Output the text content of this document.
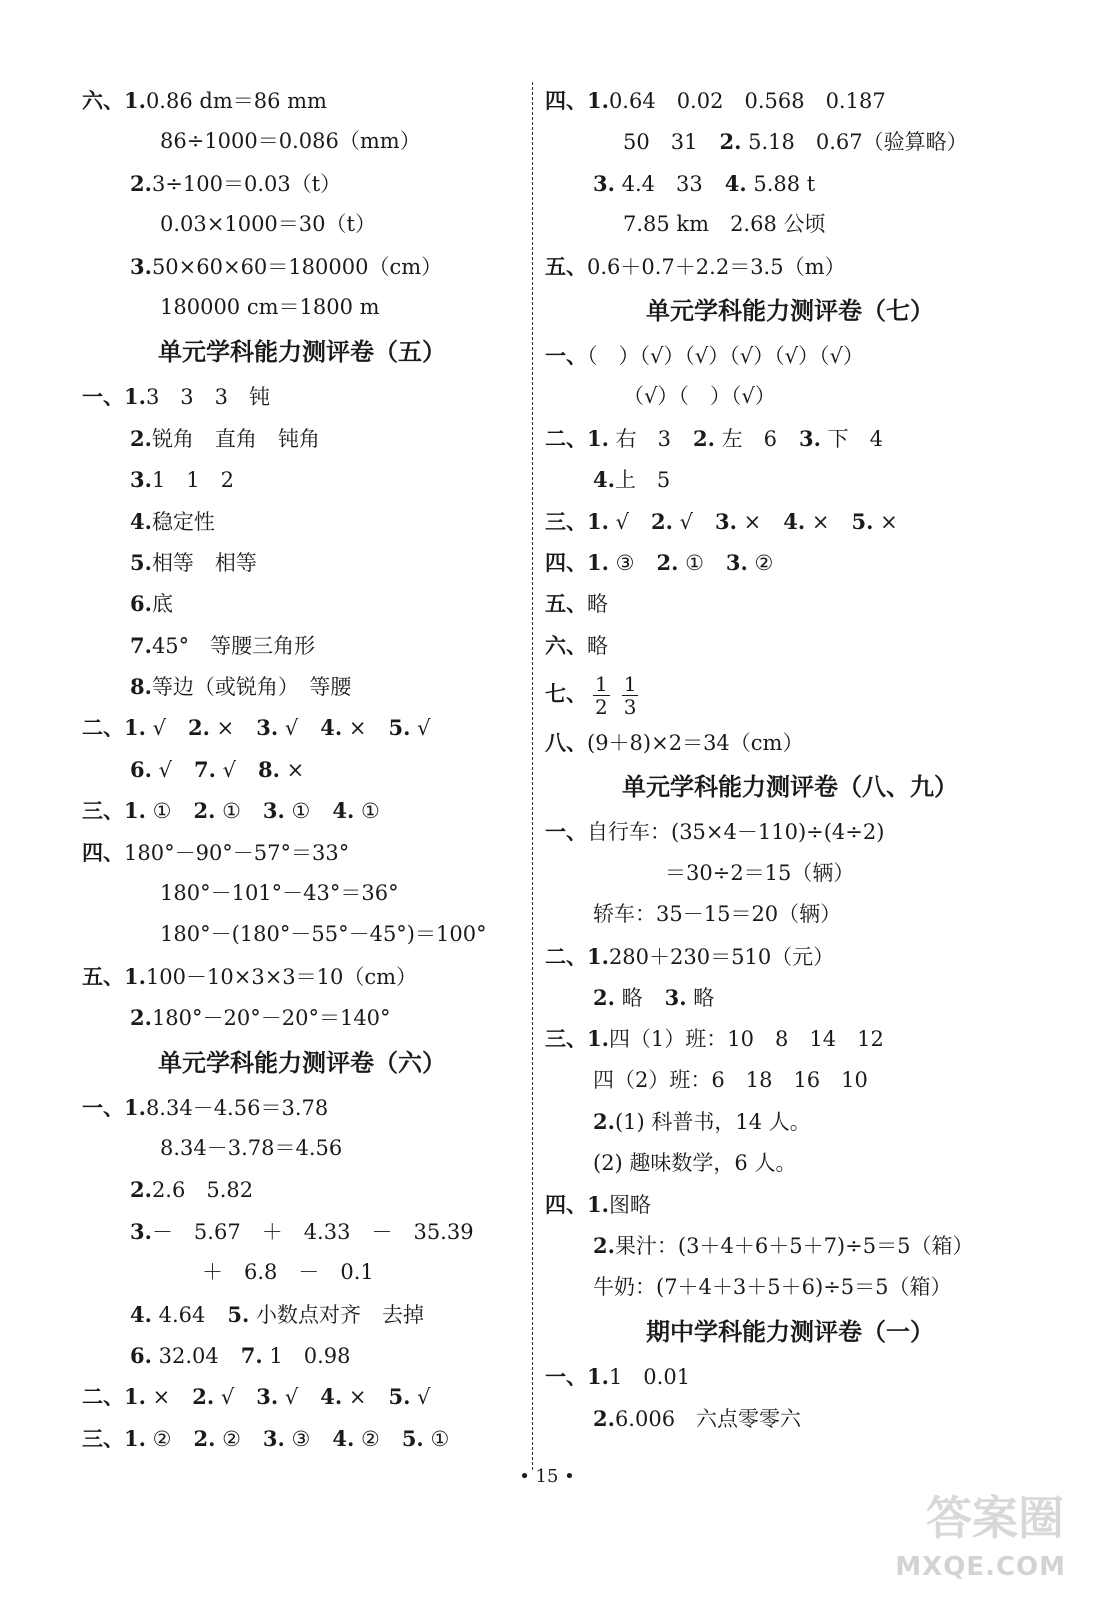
六、1.0.86 dm＝86 mm
86÷1000＝0.086（mm）
2.3÷100＝0.03（t）
0.03×1000＝30（t）
3.50×60×60＝180000（cm）
180000 cm＝1800 m
单元学科能力测评卷（五）
一、1.3　3　3　钝
2.锐角　直角　钝角
3.1　1　2
4.稳定性
5.相等　相等
6.底
7.45°　等腰三角形
8.等边（或锐角）　等腰
二、1. √ 2. × 3. √ 4. × 5. √
6. √ 7. √ 8. ×
三、1. ① 2. ① 3. ① 4. ①
四、180°－90°－57°＝33°
180°－101°－43°＝36°
180°－(180°－55°－45°)＝100°
五、1.100－10×3×3＝10（cm）
2.180°－20°－20°＝140°
单元学科能力测评卷（六）
一、1.8.34－4.56＝3.78
8.34－3.78＝4.56
2.2.6　5.82
3.－　5.67　＋　4.33　－　35.39
＋　6.8　－　0.1
4. 4.64 5. 小数点对齐　去掉
6. 32.04 7. 1　0.98
二、1. × 2. √ 3. √ 4. × 5. √
三、1. ② 2. ② 3. ③ 4. ② 5. ①
四、1.0.64　0.02　0.568　0.187
50　31 2. 5.18　0.67（验算略）
3. 4.4　33 4. 5.88 t
7.85 km　2.68 公顷
五、0.6＋0.7＋2.2＝3.5（m）
单元学科能力测评卷（七）
一、（　）（√）（√）（√）（√）（√）
（√）（　）（√）
二、1. 右　3 2. 左　6 3. 下　4
4.上　5
三、1. √ 2. √ 3. × 4. × 5. ×
四、1. ③ 2. ① 3. ②
五、略
六、略
七、 $\frac{1}{2} \frac{1}{3}$
八、(9＋8)×2＝34（cm）
单元学科能力测评卷（八、九）
一、自行车：(35×4－110)÷(4÷2)
＝30÷2＝15（辆）
轿车：35－15＝20（辆）
二、1.280＋230＝510（元）
2. 略 3. 略
三、1.四（1）班：10　8　14　12
四（2）班：6　18　16　10
2.(1) 科普书，14 人。
(2) 趣味数学，6 人。
四、1.图略
2.果汁：(3＋4＋6＋5＋7)÷5＝5（箱）
牛奶：(7＋4＋3＋5＋6)÷5＝5（箱）
期中学科能力测评卷（一）
一、1.1　0.01
2.6.006　六点零零六
• 15 •
答案圈
MXQE.COM
